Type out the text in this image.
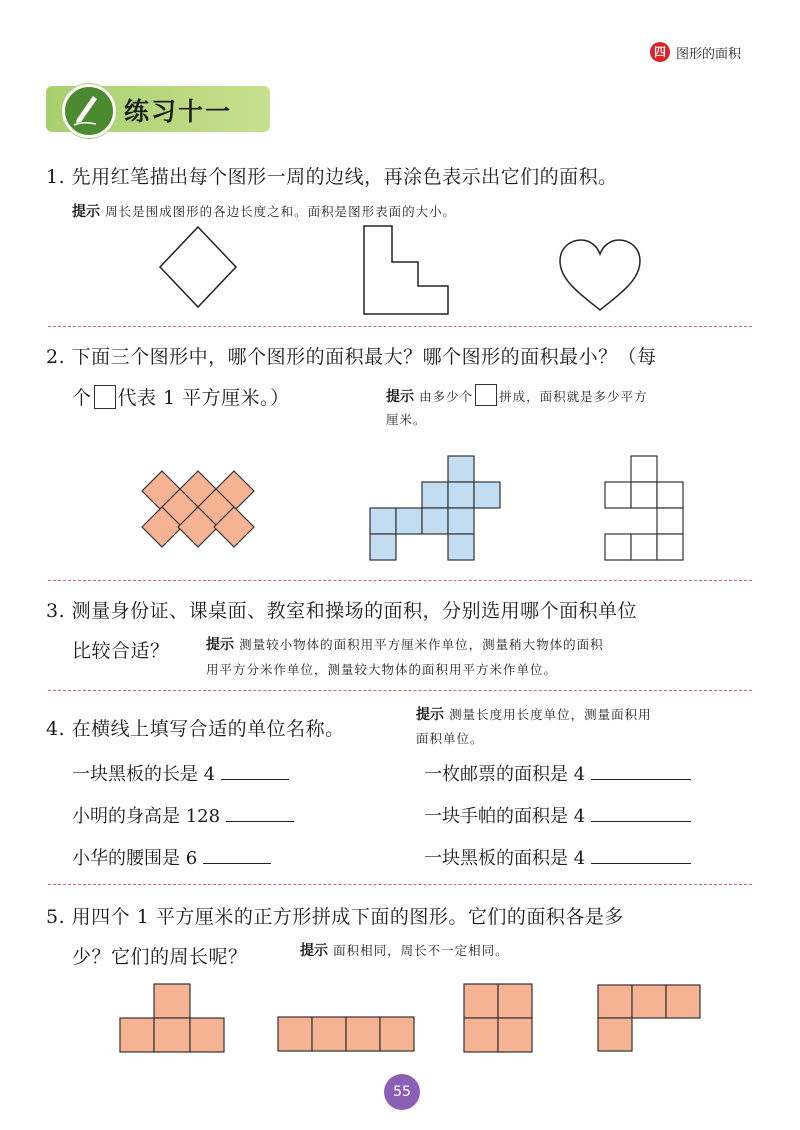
四 图形的面积
练习十一
1. 先用红笔描出每个图形一周的边线，再涂色表示出它们的面积。
提示 周长是围成图形的各边长度之和。面积是图形表面的大小。
2. 下面三个图形中，哪个图形的面积最大？哪个图形的面积最小？（每
个 代表 1 平方厘米。）	提示 由多少个 拼成，面积就是多少平方
厘米。
3. 测量身份证、课桌面、教室和操场的面积，分别选用哪个面积单位
比较合适？	提示 测量较小物体的面积用平方厘米作单位，测量稍大物体的面积
用平方分米作单位，测量较大物体的面积用平方米作单位。
4. 在横线上填写合适的单位名称。
提示 测量长度用长度单位，测量面积用
面积单位。
一块黑板的长是 4
小明的身高是 128
小华的腰围是 6
一枚邮票的面积是 4
一块手帕的面积是 4
一块黑板的面积是 4
5. 用四个 1 平方厘米的正方形拼成下面的图形。它们的面积各是多
少？它们的周长呢？	提示 面积相同，周长不一定相同。
55
